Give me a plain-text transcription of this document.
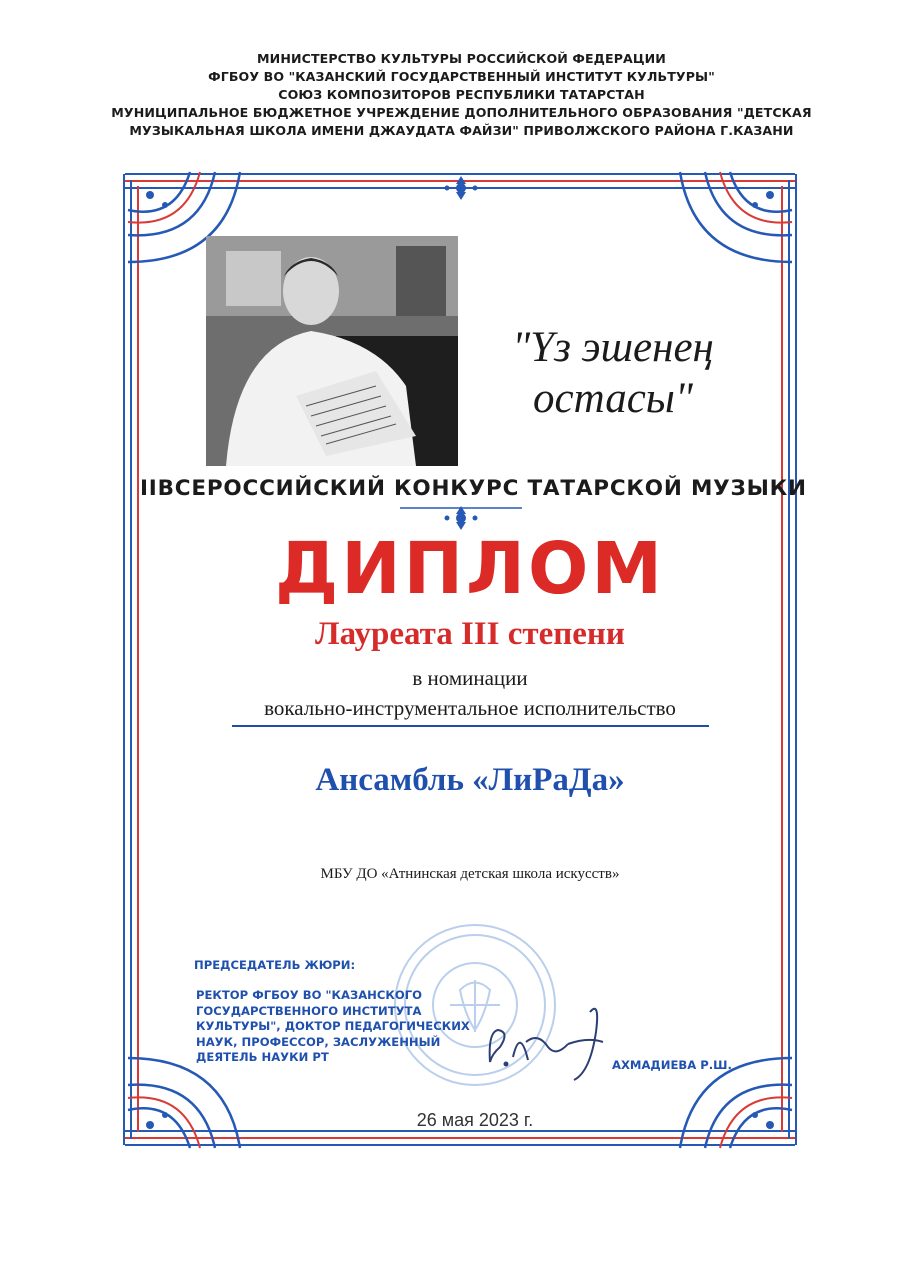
МИНИСТЕРСТВО КУЛЬТУРЫ РОССИЙСКОЙ ФЕДЕРАЦИИ
ФГБОУ ВО "КАЗАНСКИЙ ГОСУДАРСТВЕННЫЙ ИНСТИТУТ КУЛЬТУРЫ"
СОЮЗ КОМПОЗИТОРОВ РЕСПУБЛИКИ ТАТАРСТАН
МУНИЦИПАЛЬНОЕ БЮДЖЕТНОЕ УЧРЕЖДЕНИЕ ДОПОЛНИТЕЛЬНОГО ОБРАЗОВАНИЯ "ДЕТСКАЯ
МУЗЫКАЛЬНАЯ ШКОЛА ИМЕНИ ДЖАУДАТА ФАЙЗИ" ПРИВОЛЖСКОГО РАЙОНА Г.КАЗАНИ
"Үз эшенең
остасы"
IIВСЕРОССИЙСКИЙ КОНКУРС ТАТАРСКОЙ МУЗЫКИ
ДИПЛОМ
Лауреата III степени
в номинации
вокально-инструментальное исполнительство
Ансамбль «ЛиРаДа»
МБУ ДО «Атнинская детская школа искусств»
ПРЕДСЕДАТЕЛЬ ЖЮРИ:
РЕКТОР ФГБОУ ВО "КАЗАНСКОГО ГОСУДАРСТВЕННОГО ИНСТИТУТА КУЛЬТУРЫ", ДОКТОР ПЕДАГОГИЧЕСКИХ НАУК, ПРОФЕССОР, ЗАСЛУЖЕННЫЙ ДЕЯТЕЛЬ НАУКИ РТ
АХМАДИЕВА Р.Ш.
26 мая 2023 г.
